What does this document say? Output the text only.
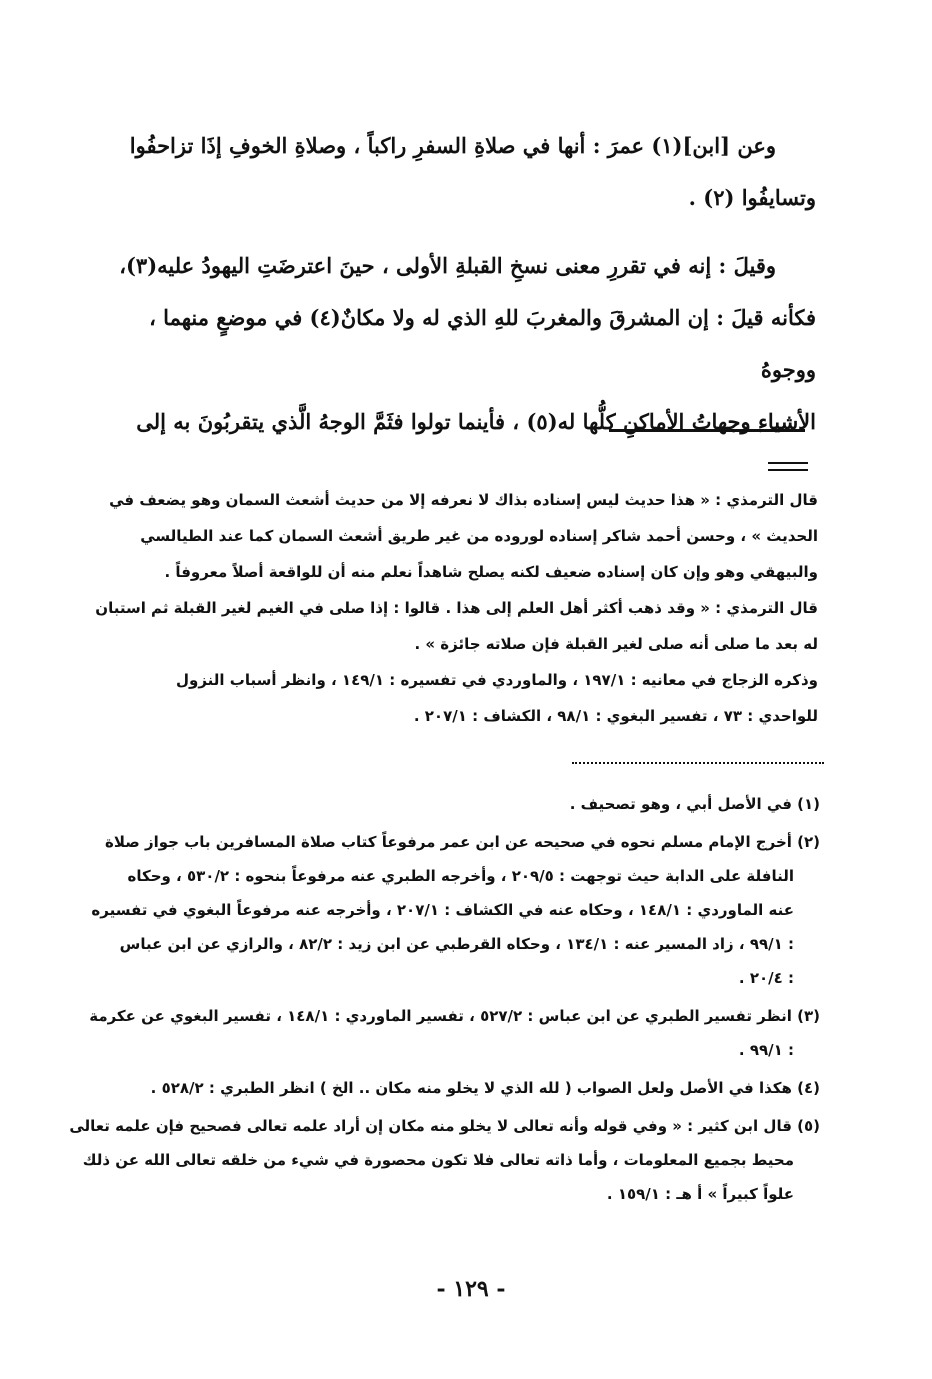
وعن [ابن](١) عمرَ : أنها في صلاةِ السفرِ راكباً ، وصلاةِ الخوفِ إذَا تزاحفُوا
وتسايفُوا (٢) .

وقيلَ : إنه في تقررِ معنى نسخِ القبلةِ الأولى ، حينَ اعترضَتِ اليهودُ عليه(٣)،
فكأنه قيلَ : إن المشرقَ والمغربَ للهِ الذي له ولا مكانٌ(٤) في موضعٍ منهما ، ووجوهُ
الأشياءِ وجهاتُ الأماكنِ كلُّها له(٥) ، فأينما تولوا فثَمَّ الوجهُ الَّذي يتقربُونَ به إلى

قال الترمذي : « هذا حديث ليس إسناده بذاك لا نعرفه إلا من حديث أشعث السمان وهو يضعف في
الحديث » ، وحسن أحمد شاكر إسناده لوروده من غير طريق أشعث السمان كما عند الطيالسي
والبيهقي وهو وإن كان إسناده ضعيف لكنه يصلح شاهداً نعلم منه أن للواقعة أصلاً معروفاً .
قال الترمذي : « وقد ذهب أكثر أهل العلم إلى هذا . قالوا : إذا صلى في الغيم لغير القبلة ثم استبان
له بعد ما صلى أنه صلى لغير القبلة فإن صلاته جائزة » .
وذكره الزجاج في معانيه : ١٩٧/١ ، والماوردي في تفسيره : ١٤٩/١ ، وانظر أسباب النزول
للواحدي : ٧٣ ، تفسير البغوي : ٩٨/١ ، الكشاف : ٢٠٧/١ .
(١) في الأصل أبي ، وهو تصحيف .
(٢) أخرج الإمام مسلم نحوه في صحيحه عن ابن عمر مرفوعاً كتاب صلاة المسافرين باب جواز صلاة
النافلة على الدابة حيث توجهت : ٢٠٩/٥ ، وأخرجه الطبري عنه مرفوعاً بنحوه : ٥٣٠/٢ ، وحكاه
عنه الماوردي : ١٤٨/١ ، وحكاه عنه في الكشاف : ٢٠٧/١ ، وأخرجه عنه مرفوعاً البغوي في تفسيره
: ٩٩/١ ، زاد المسير عنه : ١٣٤/١ ، وحكاه القرطبي عن ابن زيد : ٨٢/٢ ، والرازي عن ابن عباس
: ٢٠/٤ .
(٣) انظر تفسير الطبري عن ابن عباس : ٥٢٧/٢ ، تفسير الماوردي : ١٤٨/١ ، تفسير البغوي عن عكرمة
: ٩٩/١ .
(٤) هكذا في الأصل ولعل الصواب ( لله الذي لا يخلو منه مكان .. الخ ) انظر الطبري : ٥٢٨/٢ .
(٥) قال ابن كثير : « وفي قوله وأنه تعالى لا يخلو منه مكان إن أراد علمه تعالى فصحيح فإن علمه تعالى
محيط بجميع المعلومات ، وأما ذاته تعالى فلا تكون محصورة في شيء من خلقه تعالى الله عن ذلك
علواً كبيراً » أ هـ : ١٥٩/١ .
- ١٢٩ -
